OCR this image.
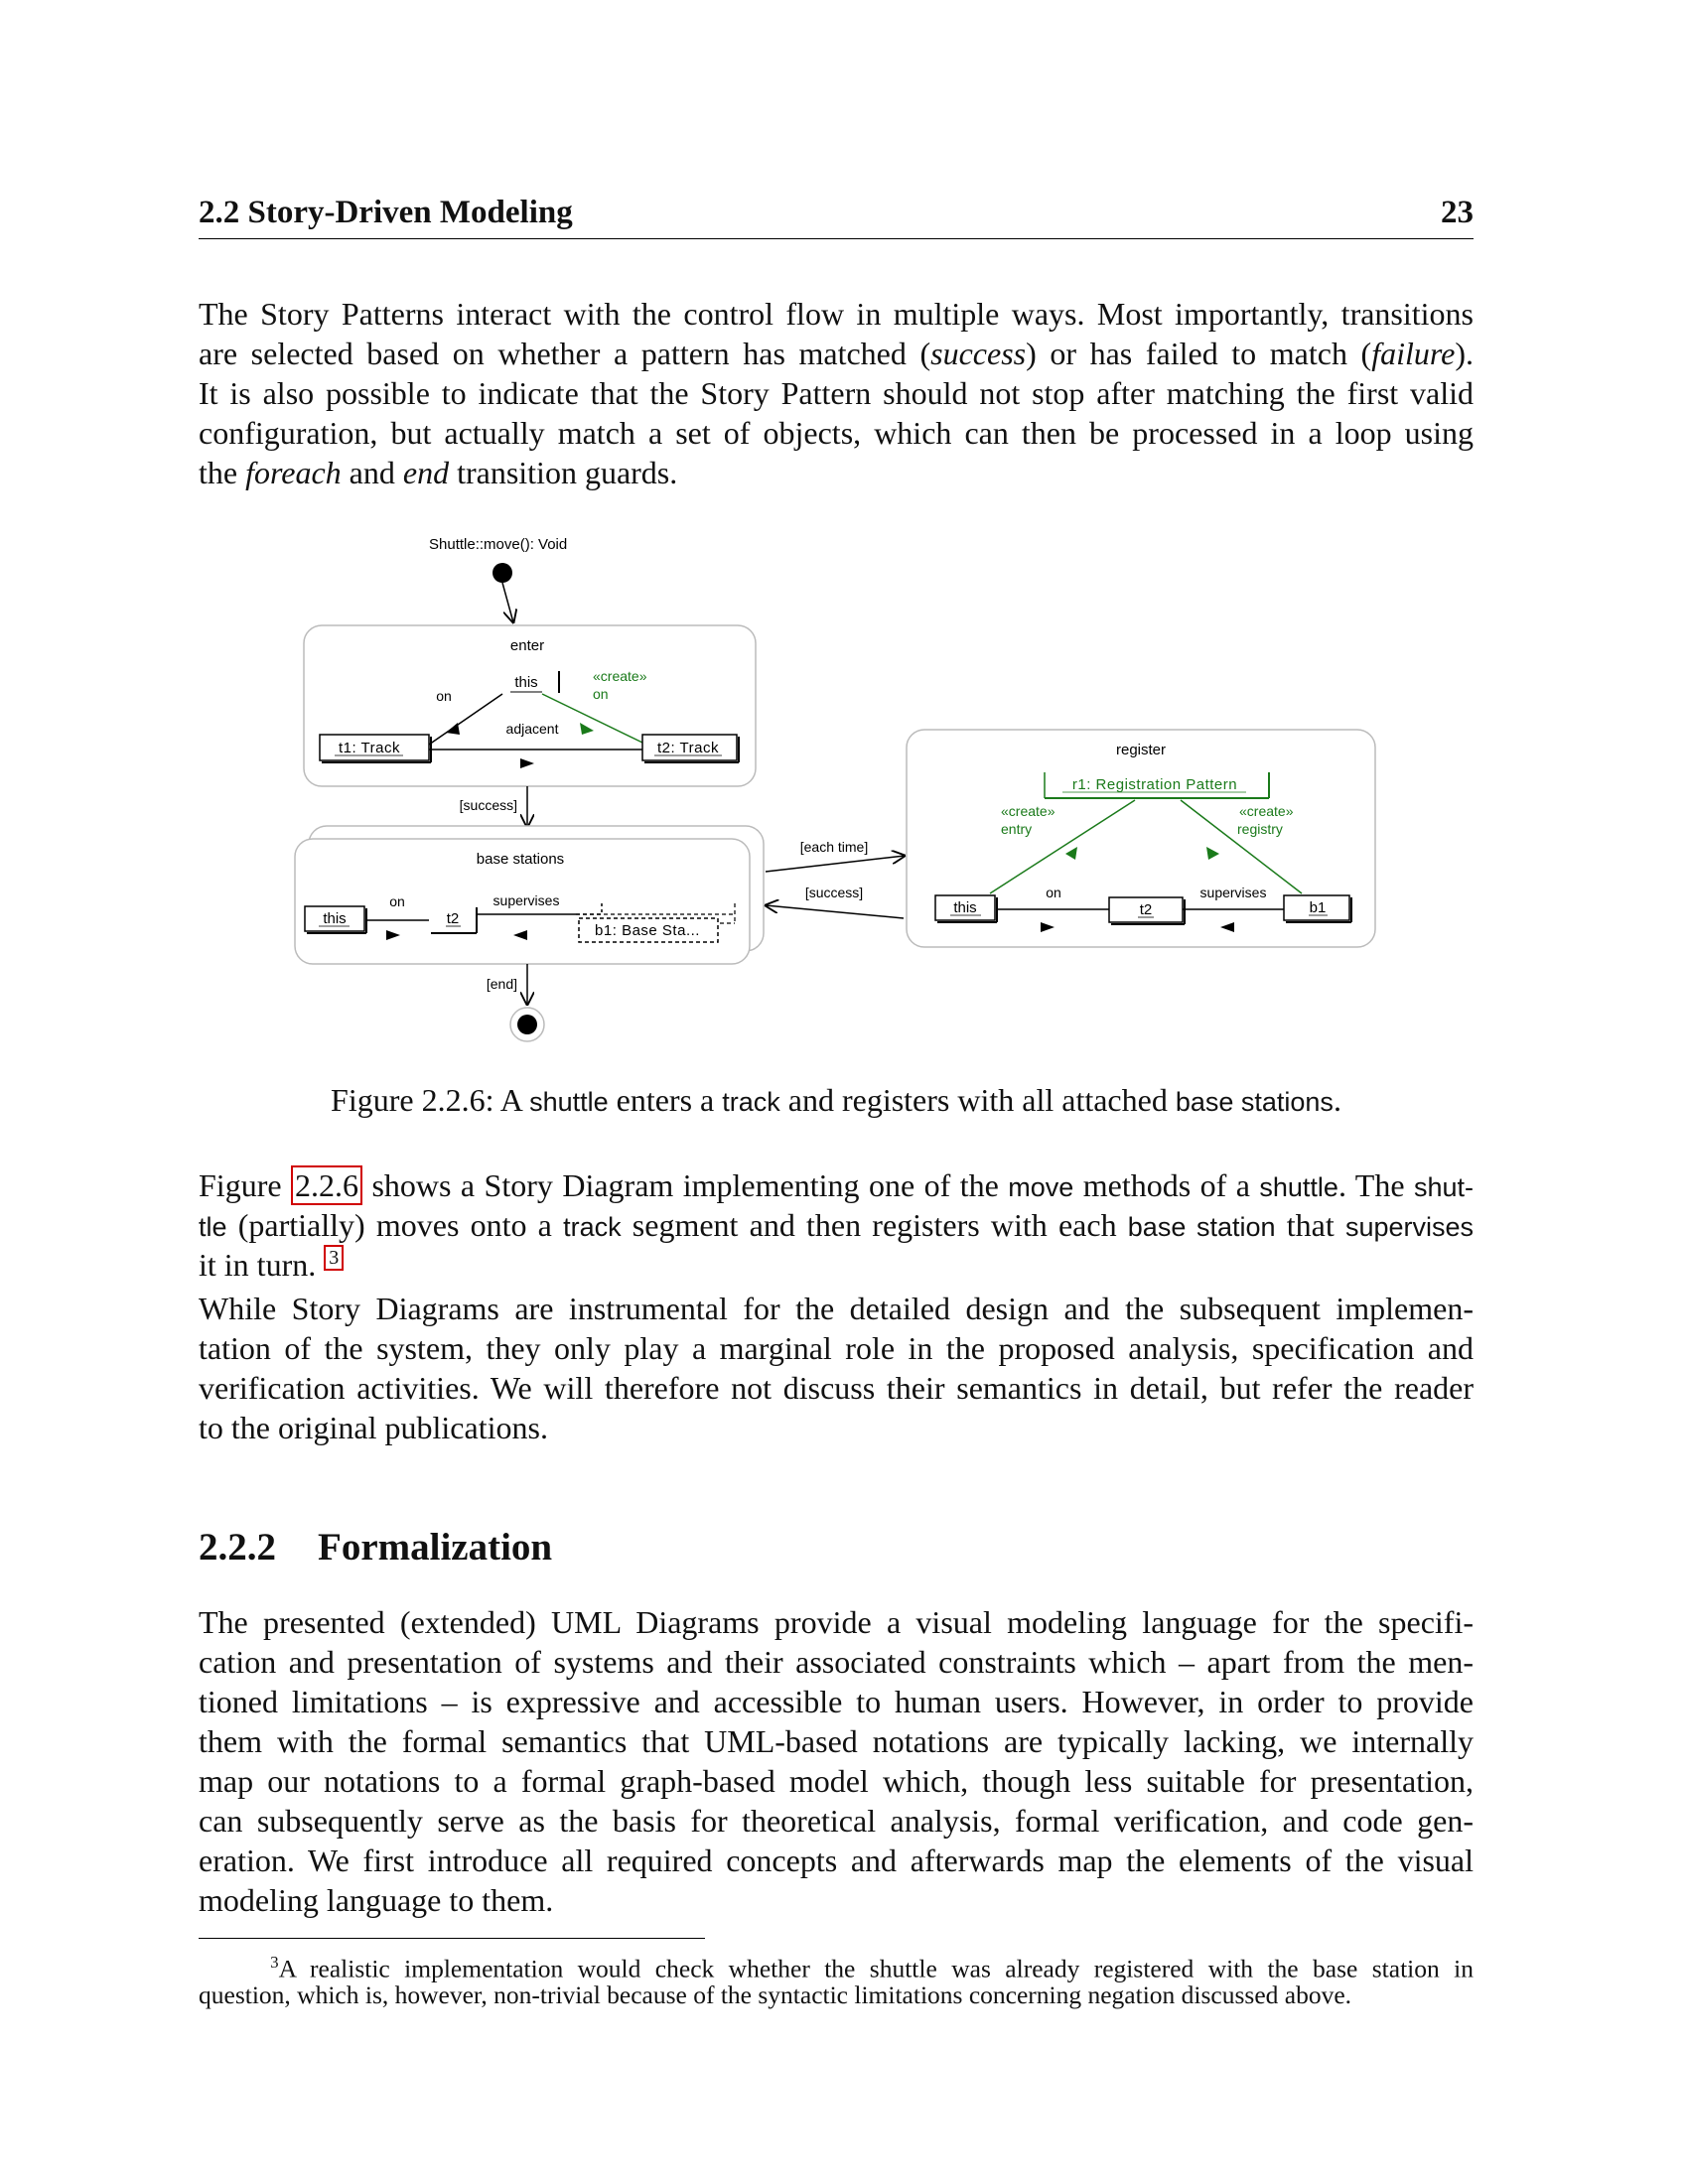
2.2 Story-Driven Modeling	23
The Story Patterns interact with the control flow in multiple ways. Most importantly, transitions
are selected based on whether a pattern has matched (success) or has failed to match (failure).
It is also possible to indicate that the Story Pattern should not stop after matching the first valid
configuration, but actually match a set of objects, which can then be processed in a loop using
the foreach and end transition guards.
Shuttle::move(): Void
enter
this	«create»
on
on
adjacent
t1: Track	t2: Track
[success]
base stations
this
on
t2
supervises
b1: Base Sta...
[end]
[each time]
[success]
register
r1: Registration Pattern
«create»
entry
«create»
registry
this
on
t2
supervises
b1
Figure 2.2.6: A shuttle enters a track and registers with all attached base stations.
Figure 2.2.6 shows a Story Diagram implementing one of the move methods of a shuttle. The shut-
tle (partially) moves onto a track segment and then registers with each base station that supervises
it in turn. $^3$
While Story Diagrams are instrumental for the detailed design and the subsequent implemen-
tation of the system, they only play a marginal role in the proposed analysis, specification and
verification activities. We will therefore not discuss their semantics in detail, but refer the reader
to the original publications.
2.2.2 Formalization
The presented (extended) UML Diagrams provide a visual modeling language for the specifi-
cation and presentation of systems and their associated constraints which – apart from the men-
tioned limitations – is expressive and accessible to human users. However, in order to provide
them with the formal semantics that UML-based notations are typically lacking, we internally
map our notations to a formal graph-based model which, though less suitable for presentation,
can subsequently serve as the basis for theoretical analysis, formal verification, and code gen-
eration. We first introduce all required concepts and afterwards map the elements of the visual
modeling language to them.
$^3$A realistic implementation would check whether the shuttle was already registered with the base station in
question, which is, however, non-trivial because of the syntactic limitations concerning negation discussed above.
